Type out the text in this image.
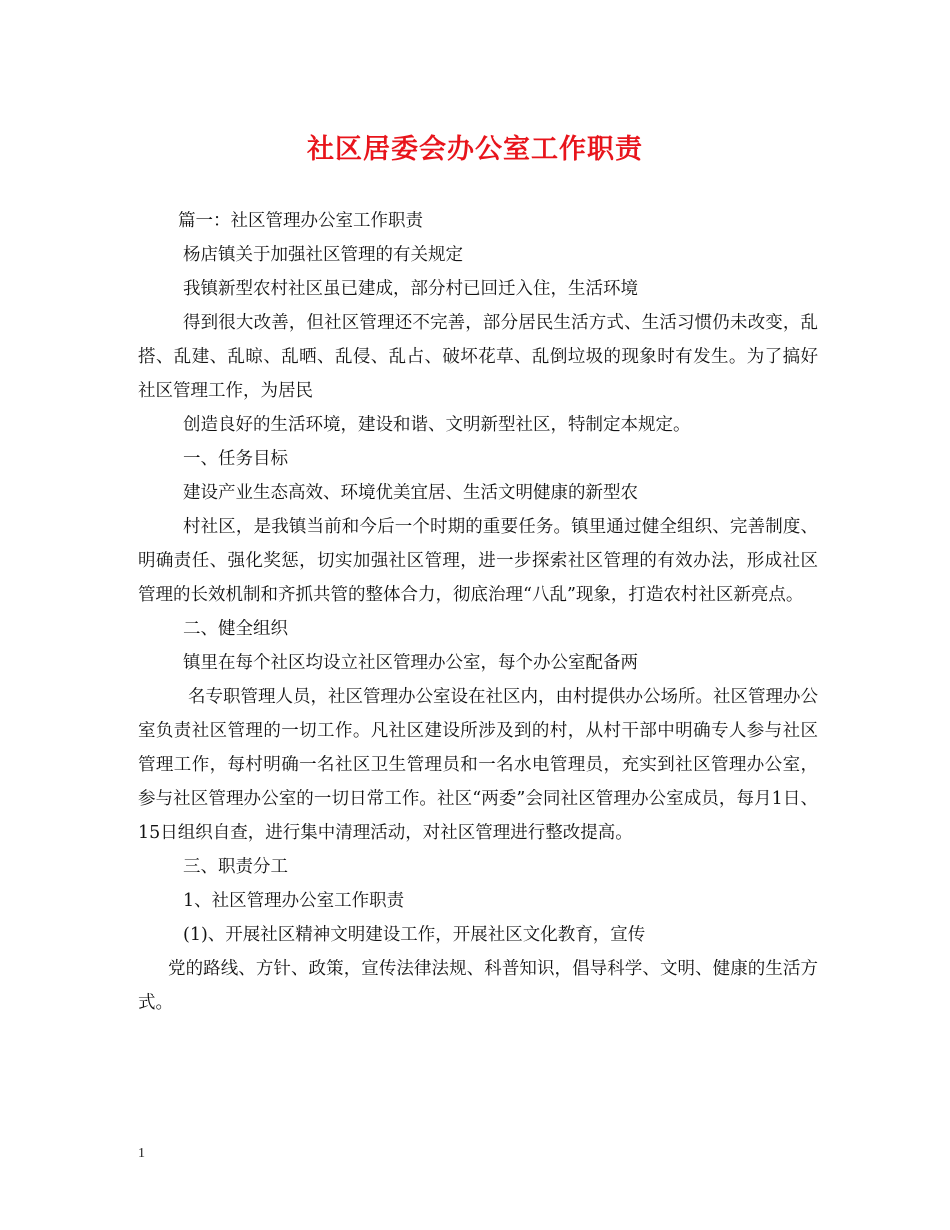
社区居委会办公室工作职责

篇一：社区管理办公室工作职责

杨店镇关于加强社区管理的有关规定

我镇新型农村社区虽已建成，部分村已回迁入住，生活环境

得到很大改善，但社区管理还不完善，部分居民生活方式、生活习惯仍未改变，乱搭、乱建、乱晾、乱晒、乱侵、乱占、破坏花草、乱倒垃圾的现象时有发生。为了搞好社区管理工作，为居民

创造良好的生活环境，建设和谐、文明新型社区，特制定本规定。

一、任务目标

建设产业生态高效、环境优美宜居、生活文明健康的新型农

村社区，是我镇当前和今后一个时期的重要任务。镇里通过健全组织、完善制度、明确责任、强化奖惩，切实加强社区管理，进一步探索社区管理的有效办法，形成社区管理的长效机制和齐抓共管的整体合力，彻底治理“八乱”现象，打造农村社区新亮点。

二、健全组织

镇里在每个社区均设立社区管理办公室，每个办公室配备两

名专职管理人员，社区管理办公室设在社区内，由村提供办公场所。社区管理办公室负责社区管理的一切工作。凡社区建设所涉及到的村，从村干部中明确专人参与社区管理工作，每村明确一名社区卫生管理员和一名水电管理员，充实到社区管理办公室，参与社区管理办公室的一切日常工作。社区“两委”会同社区管理办公室成员，每月1日、15日组织自查，进行集中清理活动，对社区管理进行整改提高。

三、职责分工

1、社区管理办公室工作职责

(1)、开展社区精神文明建设工作，开展社区文化教育，宣传

党的路线、方针、政策，宣传法律法规、科普知识，倡导科学、文明、健康的生活方式。

1
